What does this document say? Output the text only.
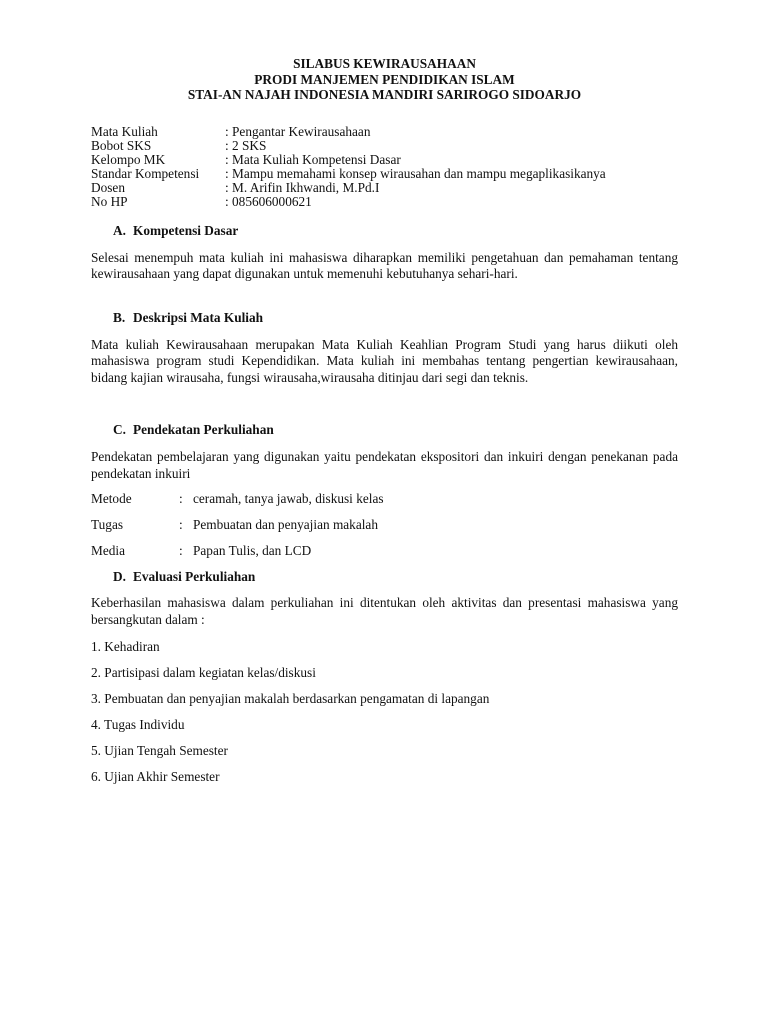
SILABUS KEWIRAUSAHAAN
PRODI MANJEMEN PENDIDIKAN ISLAM
STAI-AN NAJAH INDONESIA MANDIRI SARIROGO SIDOARJO
Mata Kuliah	: Pengantar Kewirausahaan
Bobot SKS	: 2 SKS
Kelompo MK	: Mata Kuliah Kompetensi Dasar
Standar Kompetensi	: Mampu memahami konsep wirausahan dan mampu megaplikasikanya
Dosen	: M. Arifin Ikhwandi, M.Pd.I
No HP	: 085606000621
A. Kompetensi Dasar
Selesai menempuh mata kuliah ini mahasiswa diharapkan memiliki pengetahuan dan pemahaman tentang kewirausahaan yang dapat digunakan untuk memenuhi kebutuhanya sehari-hari.
B. Deskripsi Mata Kuliah
Mata kuliah Kewirausahaan merupakan Mata Kuliah Keahlian Program Studi yang harus diikuti oleh mahasiswa program studi Kependidikan. Mata kuliah ini membahas tentang pengertian kewirausahaan, bidang kajian wirausaha, fungsi wirausaha,wirausaha ditinjau dari segi dan teknis.
C. Pendekatan Perkuliahan
Pendekatan pembelajaran yang digunakan yaitu pendekatan ekspositori dan inkuiri dengan penekanan pada pendekatan inkuiri
Metode	: ceramah, tanya jawab, diskusi kelas
Tugas	: Pembuatan dan penyajian makalah
Media	: Papan Tulis, dan LCD
D. Evaluasi Perkuliahan
Keberhasilan mahasiswa dalam perkuliahan ini ditentukan oleh aktivitas dan presentasi mahasiswa yang bersangkutan dalam :
1. Kehadiran
2. Partisipasi dalam kegiatan kelas/diskusi
3. Pembuatan dan penyajian makalah berdasarkan pengamatan di lapangan
4. Tugas Individu
5. Ujian Tengah Semester
6. Ujian Akhir Semester
